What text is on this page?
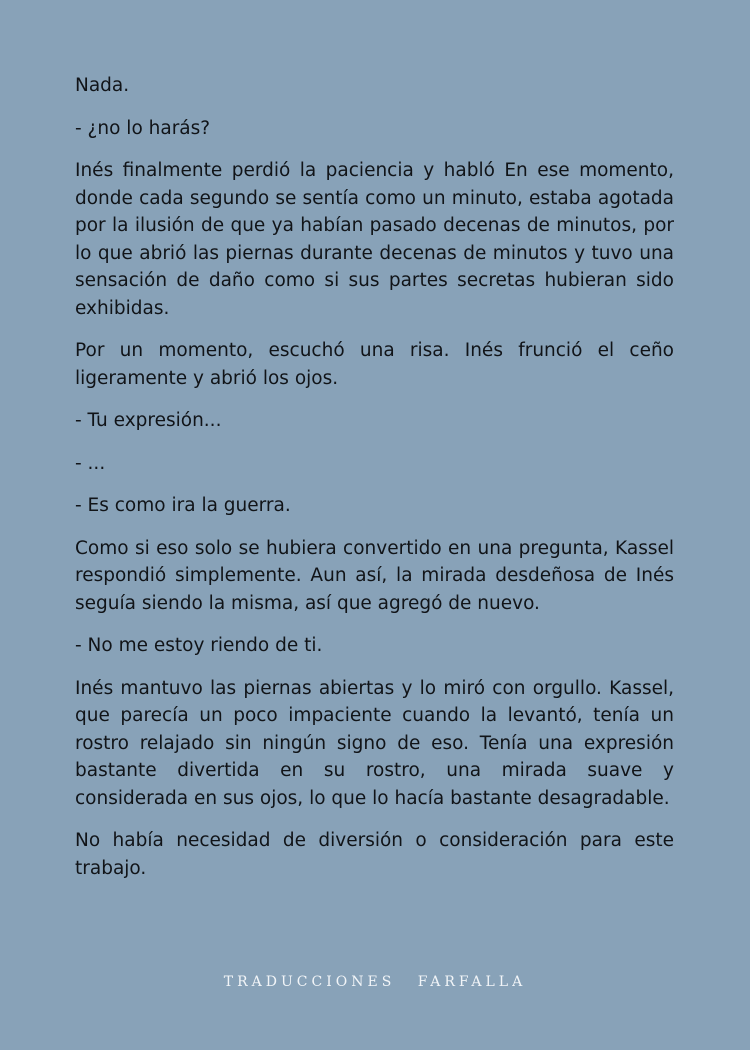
Nada.

- ¿no lo harás?

Inés finalmente perdió la paciencia y habló En ese momento, donde cada segundo se sentía como un minuto, estaba agotada por la ilusión de que ya habían pasado decenas de minutos, por lo que abrió las piernas durante decenas de minutos y tuvo una sensación de daño como si sus partes secretas hubieran sido exhibidas.

Por un momento, escuchó una risa. Inés frunció el ceño ligeramente y abrió los ojos.

- Tu expresión...

- ...

- Es como ira la guerra.

Como si eso solo se hubiera convertido en una pregunta, Kassel respondió simplemente. Aun así, la mirada desdeñosa de Inés seguía siendo la misma, así que agregó de nuevo.

- No me estoy riendo de ti.

Inés mantuvo las piernas abiertas y lo miró con orgullo. Kassel, que parecía un poco impaciente cuando la levantó, tenía un rostro relajado sin ningún signo de eso. Tenía una expresión bastante divertida en su rostro, una mirada suave y considerada en sus ojos, lo que lo hacía bastante desagradable.

No había necesidad de diversión o consideración para este trabajo.

TRADUCCIONES FARFALLA
